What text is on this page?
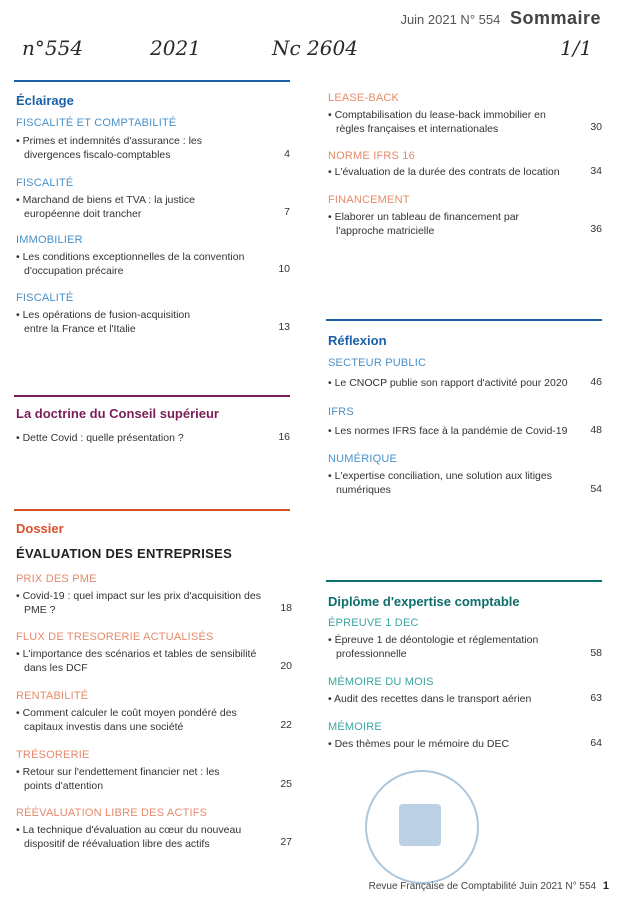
Juin 2021 N° 554 Sommaire
n°554	2021	Nc 2604	1/1
Éclairage
FISCALITÉ ET COMPTABILITÉ
• Primes et indemnités d'assurance : les divergences fiscalo-comptables	4
FISCALITÉ
• Marchand de biens et TVA : la justice européenne doit trancher	7
IMMOBILIER
• Les conditions exceptionnelles de la convention d'occupation précaire	10
FISCALITÉ
• Les opérations de fusion-acquisition entre la France et l'Italie	13
La doctrine du Conseil supérieur
• Dette Covid : quelle présentation ?	16
Dossier
ÉVALUATION DES ENTREPRISES
PRIX DES PME
• Covid-19 : quel impact sur les prix d'acquisition des PME ?	18
FLUX DE TRESORERIE ACTUALISÉS
• L'importance des scénarios et tables de sensibilité dans les DCF	20
RENTABILITÉ
• Comment calculer le coût moyen pondéré des capitaux investis dans une société	22
TRÉSORERIE
• Retour sur l'endettement financier net : les points d'attention	25
RÉÉVALUATION LIBRE DES ACTIFS
• La technique d'évaluation au cœur du nouveau dispositif de réévaluation libre des actifs	27
LEASE-BACK
• Comptabilisation du lease-back immobilier en règles françaises et internationales	30
NORME IFRS 16
• L'évaluation de la durée des contrats de location	34
FINANCEMENT
• Elaborer un tableau de financement par l'approche matricielle	36
Réflexion
SECTEUR PUBLIC
• Le CNOCP publie son rapport d'activité pour 2020	46
IFRS
• Les normes IFRS face à la pandémie de Covid-19	48
NUMÉRIQUE
• L'expertise conciliation, une solution aux litiges numériques	54
Diplôme d'expertise comptable
ÉPREUVE 1 DEC
• Épreuve 1 de déontologie et réglementation professionnelle	58
MÉMOIRE DU MOIS
• Audit des recettes dans le transport aérien	63
MÉMOIRE
• Des thèmes pour le mémoire du DEC	64
Revue Française de Comptabilité Juin 2021 N° 554 1
